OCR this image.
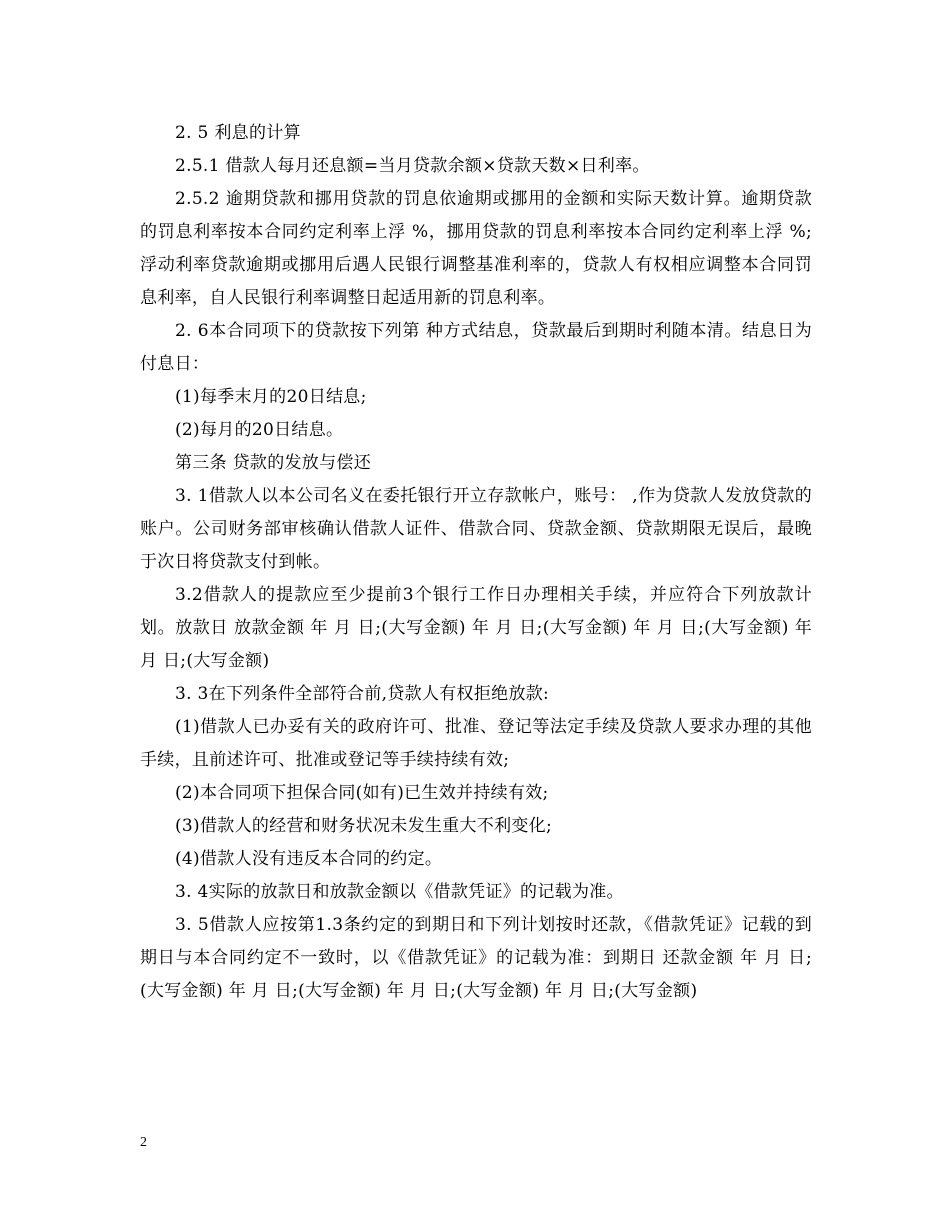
2. 5 利息的计算

2.5.1 借款人每月还息额=当月贷款余额×贷款天数×日利率。

2.5.2 逾期贷款和挪用贷款的罚息依逾期或挪用的金额和实际天数计算。逾期贷款的罚息利率按本合同约定利率上浮 %，挪用贷款的罚息利率按本合同约定利率上浮 %;浮动利率贷款逾期或挪用后遇人民银行调整基准利率的，贷款人有权相应调整本合同罚息利率，自人民银行利率调整日起适用新的罚息利率。

2. 6本合同项下的贷款按下列第 种方式结息，贷款最后到期时利随本清。结息日为付息日：

(1)每季末月的20日结息;

(2)每月的20日结息。

第三条 贷款的发放与偿还

3. 1借款人以本公司名义在委托银行开立存款帐户，账号： ,作为贷款人发放贷款的账户。公司财务部审核确认借款人证件、借款合同、贷款金额、贷款期限无误后，最晚于次日将贷款支付到帐。

3.2借款人的提款应至少提前3个银行工作日办理相关手续，并应符合下列放款计划。放款日 放款金额 年 月 日;(大写金额) 年 月 日;(大写金额) 年 月 日;(大写金额) 年 月 日;(大写金额)

3. 3在下列条件全部符合前,贷款人有权拒绝放款:

(1)借款人已办妥有关的政府许可、批准、登记等法定手续及贷款人要求办理的其他手续，且前述许可、批准或登记等手续持续有效;

(2)本合同项下担保合同(如有)已生效并持续有效;

(3)借款人的经营和财务状况未发生重大不利变化;

(4)借款人没有违反本合同的约定。

3. 4实际的放款日和放款金额以《借款凭证》的记载为准。

3. 5借款人应按第1.3条约定的到期日和下列计划按时还款，《借款凭证》记载的到期日与本合同约定不一致时，以《借款凭证》的记载为准：到期日 还款金额 年 月 日;(大写金额) 年 月 日;(大写金额) 年 月 日;(大写金额) 年 月 日;(大写金额)

2
